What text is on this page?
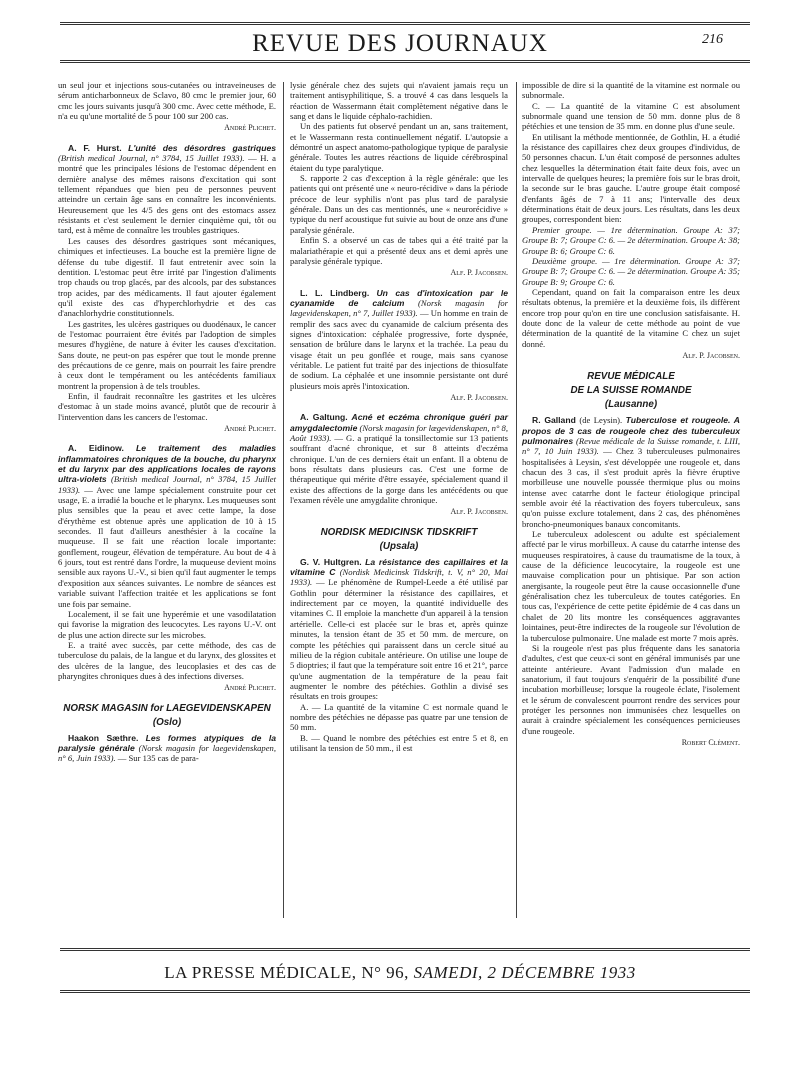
REVUE DES JOURNAUX	216

un seul jour et injections sous-cutanées ou intraveineuses de sérum anticharbonneux de Sclavo, 80 cmc le premier jour, 60 cmc les jours suivants jusqu'à 300 cmc. Avec cette méthode, E. n'a eu qu'une mortalité de 5 pour 100 sur 200 cas.

André Plichet.

A. F. Hurst. L'unité des désordres gastriques (British medical Journal, n° 3784, 15 Juillet 1933). — H. a montré que les principales lésions de l'estomac dépendent en dernière analyse des mêmes raisons d'excitation qui sont tellement répandues que bien peu de personnes peuvent atteindre un certain âge sans en connaître les inconvénients. Heureusement que les 4/5 des gens ont des estomacs assez résistants et c'est seulement le dernier cinquième qui, tôt ou tard, est à même de connaître les troubles gastriques.

Les causes des désordres gastriques sont mécaniques, chimiques et infectieuses. La bouche est la première ligne de défense du tube digestif. Il faut entretenir avec soin la dentition. L'estomac peut être irrité par l'ingestion d'aliments trop chauds ou trop glacés, par des alcools, par des substances trop acides, par des médicaments. Il faut ajouter également qu'il existe des cas d'hyperchlorhydrie et des cas d'anachlorhydrie constitutionnels.

Les gastrites, les ulcères gastriques ou duodénaux, le cancer de l'estomac pourraient être évités par l'adoption de simples mesures d'hygiène, de nature à éviter les causes d'excitation. Sans doute, ne peut-on pas espérer que tout le monde prenne des précautions de ce genre, mais on pourrait les faire prendre à ceux dont le tempérament ou les antécédents familiaux montrent la propension à de tels troubles.

Enfin, il faudrait reconnaître les gastrites et les ulcères d'estomac à un stade moins avancé, plutôt que de recourir à l'intervention dans les cancers de l'estomac.

André Plichet.

A. Eidinow. Le traitement des maladies inflammatoires chroniques de la bouche, du pharynx et du larynx par des applications locales de rayons ultra-violets (British medical Journal, n° 3784, 15 Juillet 1933). — Avec une lampe spécialement construite pour cet usage, E. a irradié la bouche et le pharynx. Les muqueuses sont plus sensibles que la peau et avec cette lampe, la dose d'érythème est obtenue après une application de 10 à 15 secondes. Il faut d'ailleurs anesthésier à la cocaïne la muqueuse. Il se fait une réaction locale importante: gonflement, rougeur, élévation de température. Au bout de 4 à 6 jours, tout est rentré dans l'ordre, la muqueuse devient moins sensible aux rayons U.-V., si bien qu'il faut augmenter le temps d'exposition aux séances suivantes. Le nombre de séances est variable suivant l'affection traitée et les applications se font une fois par semaine.

Localement, il se fait une hyperémie et une vasodilatation qui favorise la migration des leucocytes. Les rayons U.-V. ont de plus une action directe sur les microbes.

E. a traité avec succès, par cette méthode, des cas de tuberculose du palais, de la langue et du larynx, des glossites et des ulcères de la langue, des leucoplasies et des cas de pharyngites chroniques dues à des infections diverses.

André Plichet.

NORSK MAGASIN for LAEGEVIDENSKAPEN
(Oslo)

Haakon Sæthre. Les formes atypiques de la paralysie générale (Norsk magasin for laegevidenskapen, n° 6, Juin 1933). — Sur 135 cas de para-

lysie générale chez des sujets qui n'avaient jamais reçu un traitement antisyphilitique, S. a trouvé 4 cas dans lesquels la réaction de Wassermann était complètement négative dans le sang et dans le liquide céphalo-rachidien.

Un des patients fut observé pendant un an, sans traitement, et le Wassermann resta continuellement négatif. L'autopsie a démontré un aspect anatomo-pathologique typique de paralysie générale. Toutes les autres réactions de liquide cérébrospinal étaient du type paralytique.

S. rapporte 2 cas d'exception à la règle générale: que les patients qui ont présenté une « neuro-récidive » dans la période précoce de leur syphilis n'ont pas plus tard de paralysie générale. Dans un des cas mentionnés, une « neurorécidive » typique du nerf acoustique fut suivie au bout de onze ans d'une paralysie générale.

Enfin S. a observé un cas de tabes qui a été traité par la malariathérapie et qui a présenté deux ans et demi après une paralysie générale typique.

Alf. P. Jacobsen.

L. L. Lindberg. Un cas d'intoxication par le cyanamide de calcium (Norsk magasin for lægevidenskapen, n° 7, Juillet 1933). — Un homme en train de remplir des sacs avec du cyanamide de calcium présenta des signes d'intoxication: céphalée progressive, forte dyspnée, sensation de brûlure dans le larynx et la trachée. La peau du visage était un peu gonflée et rouge, mais sans cyanose véritable. Le patient fut traité par des injections de thiosulfate de sodium. La céphalée et une insomnie persistante ont duré plusieurs mois après l'intoxication.

Alf. P. Jacobsen.

A. Galtung. Acné et eczéma chronique guéri par amygdalectomie (Norsk magasin for lægevidenskapen, n° 8, Août 1933). — G. a pratiqué la tonsillectomie sur 13 patients souffrant d'acné chronique, et sur 8 atteints d'eczéma chronique. L'un de ces derniers était un enfant. Il a obtenu de bons résultats dans plusieurs cas. C'est une forme de thérapeutique qui mérite d'être essayée, spécialement quand il existe des affections de la gorge dans les antécédents ou que l'examen révèle une amygdalite chronique.

Alf. P. Jacobsen.

NORDISK MEDICINSK TIDSKRIFT
(Upsala)

G. V. Hultgren. La résistance des capillaires et la vitamine C (Nordisk Medicinsk Tidskrift, t. V, n° 20, Mai 1933). — Le phénomène de Rumpel-Leede a été utilisé par Gothlin pour déterminer la résistance des capillaires, et indirectement par ce moyen, la quantité individuelle des vitamines C. Il emploie la manchette d'un appareil à la tension artérielle. Celle-ci est placée sur le bras et, après quinze minutes, la tension étant de 35 et 50 mm. de mercure, on compte les pétéchies qui paraissent dans un cercle situé au milieu de la région cubitale antérieure. On utilise une loupe de 5 dioptries; il faut que la température soit entre 16 et 21°, parce qu'une augmentation de la température de la peau fait augmenter le nombre des pétéchies. Gothlin a divisé ses résultats en trois groupes:

A. — La quantité de la vitamine C est normale quand le nombre des pétéchies ne dépasse pas quatre par une tension de 50 mm.

B. — Quand le nombre des pétéchies est entre 5 et 8, en utilisant la tension de 50 mm., il est

impossible de dire si la quantité de la vitamine est normale ou subnormale.

C. — La quantité de la vitamine C est absolument subnormale quand une tension de 50 mm. donne plus de 8 pétéchies et une tension de 35 mm. en donne plus d'une seule.

En utilisant la méthode mentionnée, de Gothlin, H. a étudié la résistance des capillaires chez deux groupes d'individus, de 50 personnes chacun. L'un était composé de personnes adultes chez lesquelles la détermination était faite deux fois, avec un intervalle de quelques heures; la première fois sur le bras droit, la seconde sur le bras gauche. L'autre groupe était composé d'enfants âgés de 7 à 11 ans; l'intervalle des deux déterminations était de deux jours. Les résultats, dans les deux groupes, correspondent bien:

Premier groupe. — 1re détermination. Groupe A: 37; Groupe B: 7; Groupe C: 6. — 2e détermination. Groupe A: 38; Groupe B: 6; Groupe C: 6.

Deuxième groupe. — 1re détermination. Groupe A: 37; Groupe B: 7; Groupe C: 6. — 2e détermination. Groupe A: 35; Groupe B: 9; Groupe C: 6.

Cependant, quand on fait la comparaison entre les deux résultats obtenus, la première et la deuxième fois, ils diffèrent encore trop pour qu'on en tire une conclusion satisfaisante. H. doute donc de la valeur de cette méthode au point de vue détermination de la quantité de la vitamine C chez un sujet donné.

Alf. P. Jacobsen.

REVUE MÉDICALE
DE LA SUISSE ROMANDE
(Lausanne)

R. Galland (de Leysin). Tuberculose et rougeole. A propos de 3 cas de rougeole chez des tuberculeux pulmonaires (Revue médicale de la Suisse romande, t. LIII, n° 7, 10 Juin 1933). — Chez 3 tuberculeuses pulmonaires hospitalisées à Leysin, s'est développée une rougeole et, dans chacun des 3 cas, il s'est produit après la fièvre éruptive morbilleuse une nouvelle poussée thermique plus ou moins intense avec catarrhe dont le facteur étiologique principal semble avoir été la réactivation des foyers tuberculeux, sans qu'on puisse exclure totalement, dans 2 cas, des phénomènes broncho-pneumoniques banaux concomitants.

Le tuberculeux adolescent ou adulte est spécialement affecté par le virus morbilleux. A cause du catarrhe intense des muqueuses respiratoires, à cause du traumatisme de la toux, à cause de la déficience leucocytaire, la rougeole est une mauvaise complication pour un phtisique. Par son action anergisante, la rougeole peut être la cause occasionnelle d'une généralisation chez les tuberculeux de toutes catégories. En tous cas, l'expérience de cette petite épidémie de 4 cas dans un chalet de 20 lits montre les conséquences aggravantes lointaines, peut-être indirectes de la rougeole sur l'évolution de la tuberculose pulmonaire. Une malade est morte 7 mois après.

Si la rougeole n'est pas plus fréquente dans les sanatoria d'adultes, c'est que ceux-ci sont en général immunisés par une atteinte antérieure. Avant l'admission d'un malade en sanatorium, il faut toujours s'enquérir de la possibilité d'une incubation morbilleuse; lorsque la rougeole éclate, l'isolement et le sérum de convalescent pourront rendre des services pour protéger les personnes non immunisées chez lesquelles on aurait à craindre spécialement les conséquences pernicieuses d'une rougeole.

Robert Clément.

LA PRESSE MÉDICALE, N° 96, SAMEDI, 2 DÉCEMBRE 1933
